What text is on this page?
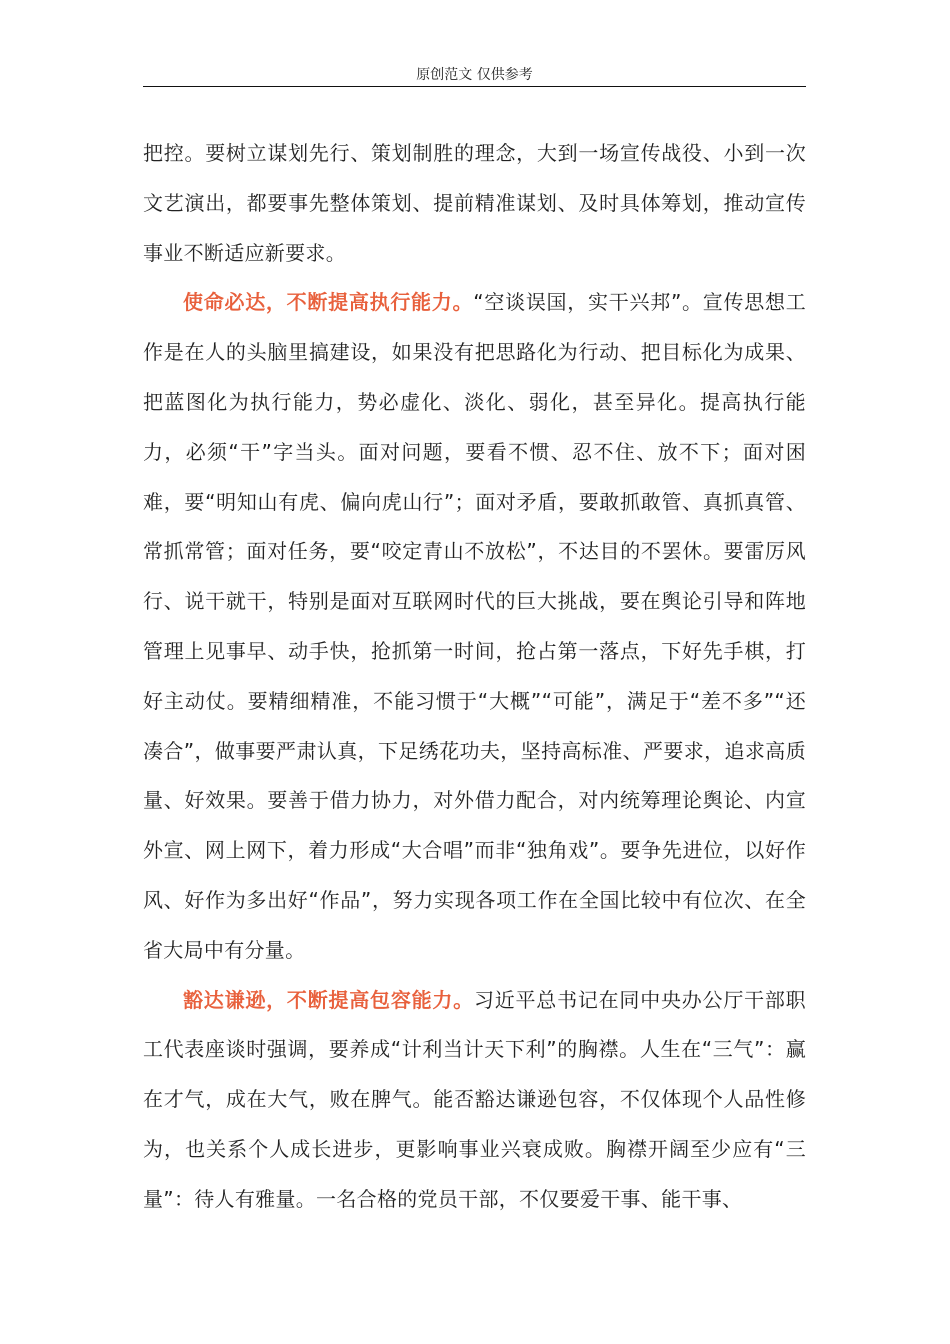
原创范文 仅供参考

把控。要树立谋划先行、策划制胜的理念，大到一场宣传战役、小到一次文艺演出，都要事先整体策划、提前精准谋划、及时具体筹划，推动宣传事业不断适应新要求。

使命必达，不断提高执行能力。“空谈误国，实干兴邦”。宣传思想工作是在人的头脑里搞建设，如果没有把思路化为行动、把目标化为成果、把蓝图化为执行能力，势必虚化、淡化、弱化，甚至异化。提高执行能力，必须“干”字当头。面对问题，要看不惯、忍不住、放不下；面对困难，要“明知山有虎、偏向虎山行”；面对矛盾，要敢抓敢管、真抓真管、常抓常管；面对任务，要“咬定青山不放松”，不达目的不罢休。要雷厉风行、说干就干，特别是面对互联网时代的巨大挑战，要在舆论引导和阵地管理上见事早、动手快，抢抓第一时间，抢占第一落点，下好先手棋，打好主动仗。要精细精准，不能习惯于“大概”“可能”，满足于“差不多”“还凑合”，做事要严肃认真，下足绣花功夫，坚持高标准、严要求，追求高质量、好效果。要善于借力协力，对外借力配合，对内统筹理论舆论、内宣外宣、网上网下，着力形成“大合唱”而非“独角戏”。要争先进位，以好作风、好作为多出好“作品”，努力实现各项工作在全国比较中有位次、在全省大局中有分量。

豁达谦逊，不断提高包容能力。习近平总书记在同中央办公厅干部职工代表座谈时强调，要养成“计利当计天下利”的胸襟。人生在“三气”：赢在才气，成在大气，败在脾气。能否豁达谦逊包容，不仅体现个人品性修为，也关系个人成长进步，更影响事业兴衰成败。胸襟开阔至少应有“三量”：待人有雅量。一名合格的党员干部，不仅要爱干事、能干事、
